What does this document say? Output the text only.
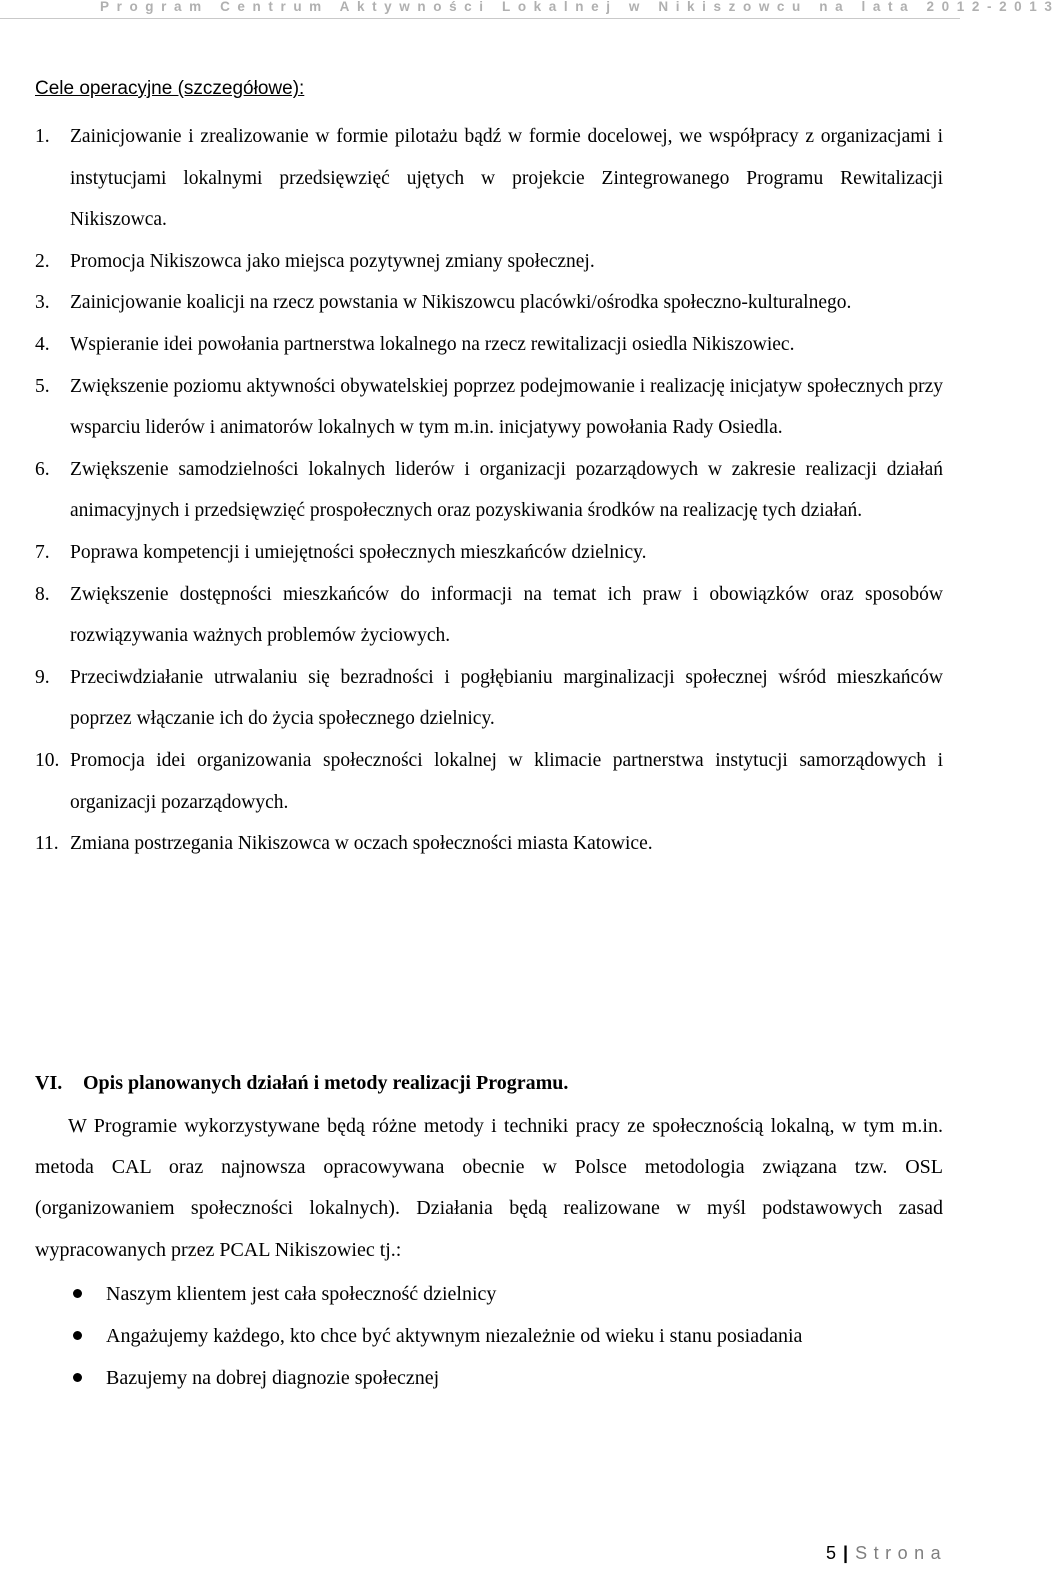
Program Centrum Aktywności Lokalnej w Nikiszowcu na lata 2012-2013
Cele operacyjne (szczegółowe):
1. Zainicjowanie i zrealizowanie w formie pilotażu bądź w formie docelowej, we współpracy z organizacjami i instytucjami lokalnymi przedsięwzięć ujętych w projekcie Zintegrowanego Programu Rewitalizacji Nikiszowca.
2. Promocja Nikiszowca jako miejsca pozytywnej zmiany społecznej.
3. Zainicjowanie koalicji na rzecz powstania w Nikiszowcu placówki/ośrodka społeczno-kulturalnego.
4. Wspieranie idei powołania partnerstwa lokalnego na rzecz rewitalizacji osiedla Nikiszowiec.
5. Zwiększenie poziomu aktywności obywatelskiej poprzez podejmowanie i realizację inicjatyw społecznych przy wsparciu liderów i animatorów lokalnych w tym m.in. inicjatywy powołania Rady Osiedla.
6. Zwiększenie samodzielności lokalnych liderów i organizacji pozarządowych w zakresie realizacji działań animacyjnych i przedsięwzięć prospołecznych oraz pozyskiwania środków na realizację tych działań.
7. Poprawa kompetencji i umiejętności społecznych mieszkańców dzielnicy.
8. Zwiększenie dostępności mieszkańców do informacji na temat ich praw i obowiązków oraz sposobów rozwiązywania ważnych problemów życiowych.
9. Przeciwdziałanie utrwalaniu się bezradności i pogłębianiu marginalizacji społecznej wśród mieszkańców poprzez włączanie ich do życia społecznego dzielnicy.
10. Promocja idei organizowania społeczności lokalnej w klimacie partnerstwa instytucji samorządowych i organizacji pozarządowych.
11. Zmiana postrzegania Nikiszowca w oczach społeczności miasta Katowice.
VI. Opis planowanych działań i metody realizacji Programu.

W Programie wykorzystywane będą różne metody i techniki pracy ze społecznością lokalną, w tym m.in. metoda CAL oraz najnowsza opracowywana obecnie w Polsce metodologia związana tzw. OSL (organizowaniem społeczności lokalnych). Działania będą realizowane w myśl podstawowych zasad wypracowanych przez PCAL Nikiszowiec tj.:

Naszym klientem jest cała społeczność dzielnicy
Angażujemy każdego, kto chce być aktywnym niezależnie od wieku i stanu posiadania
Bazujemy na dobrej diagnozie społecznej
5 | Strona
